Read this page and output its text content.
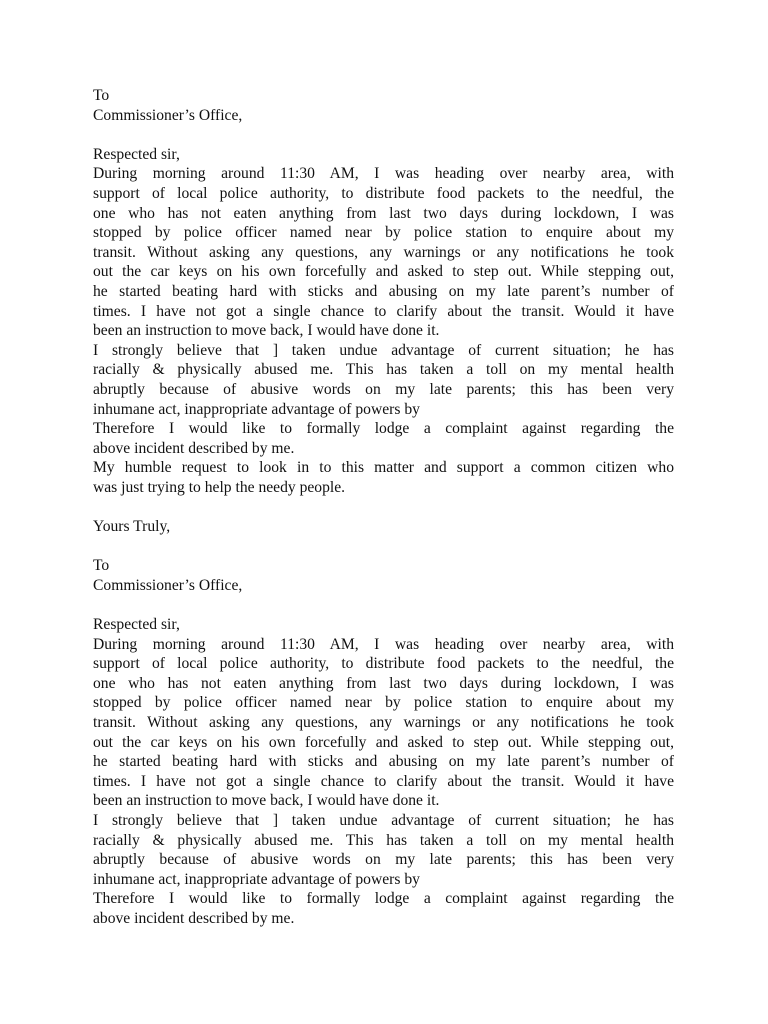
To
Commissioner’s Office,
Respected sir,

During morning around 11:30 AM, I was heading over nearby area, with
support of local police authority, to distribute food packets to the needful, the
one who has not eaten anything from last two days during lockdown, I was
stopped by police officer named near by police station to enquire about my
transit. Without asking any questions, any warnings or any notifications he took
out the car keys on his own forcefully and asked to step out. While stepping out,
he started beating hard with sticks and abusing on my late parent’s number of
times. I have not got a single chance to clarify about the transit. Would it have
been an instruction to move back, I would have done it.

I strongly believe that ] taken undue advantage of current situation; he has
racially & physically abused me. This has taken a toll on my mental health
abruptly because of abusive words on my late parents; this has been very
inhumane act, inappropriate advantage of powers by

Therefore I would like to formally lodge a complaint against regarding the
above incident described by me.

My humble request to look in to this matter and support a common citizen who
was just trying to help the needy people.

Yours Truly,
To
Commissioner’s Office,
Respected sir,

During morning around 11:30 AM, I was heading over nearby area, with
support of local police authority, to distribute food packets to the needful, the
one who has not eaten anything from last two days during lockdown, I was
stopped by police officer named near by police station to enquire about my
transit. Without asking any questions, any warnings or any notifications he took
out the car keys on his own forcefully and asked to step out. While stepping out,
he started beating hard with sticks and abusing on my late parent’s number of
times. I have not got a single chance to clarify about the transit. Would it have
been an instruction to move back, I would have done it.

I strongly believe that ] taken undue advantage of current situation; he has
racially & physically abused me. This has taken a toll on my mental health
abruptly because of abusive words on my late parents; this has been very
inhumane act, inappropriate advantage of powers by

Therefore I would like to formally lodge a complaint against regarding the
above incident described by me.
